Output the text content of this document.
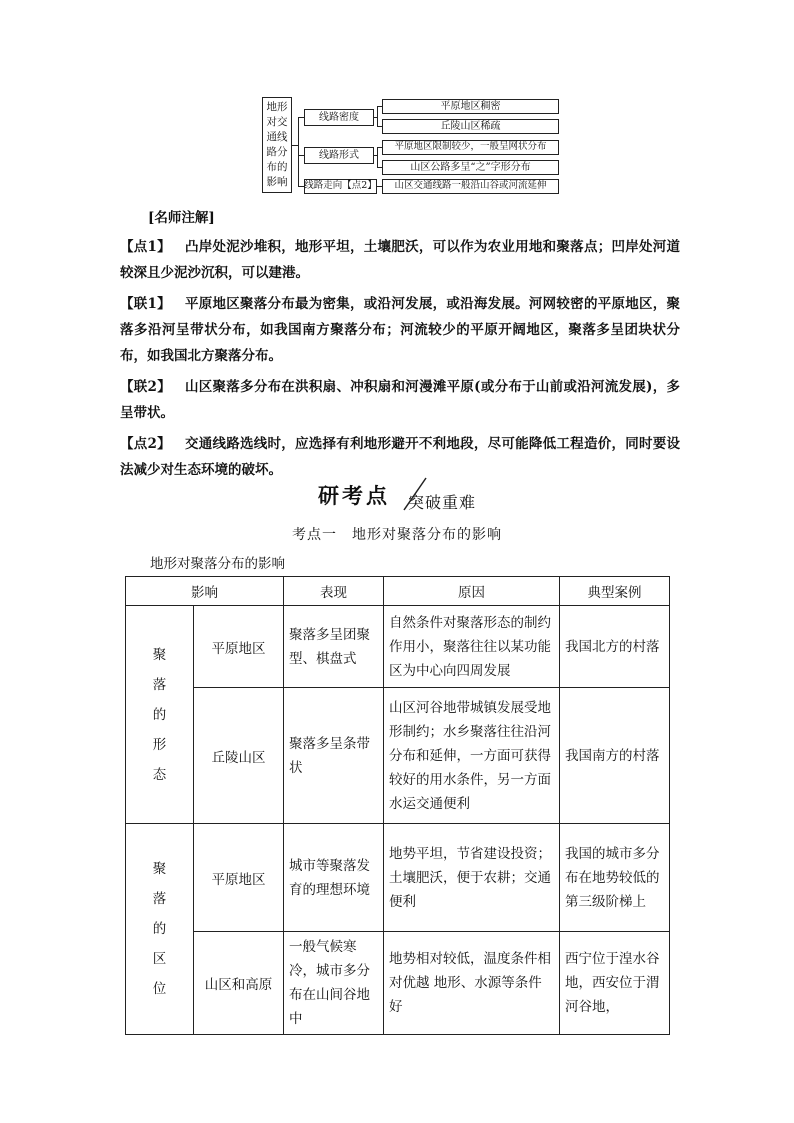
地形对交通线路分布的影响
线路密度
线路形式
线路走向【点2】
平原地区稠密
丘陵山区稀疏
平原地区限制较少，一般呈网状分布
山区公路多呈“之”字形分布
山区交通线路一般沿山谷或河流延伸
[名师注解]

【点1】 凸岸处泥沙堆积，地形平坦，土壤肥沃，可以作为农业用地和聚落点；凹岸处河道较深且少泥沙沉积，可以建港。

【联1】 平原地区聚落分布最为密集，或沿河发展，或沿海发展。河网较密的平原地区，聚落多沿河呈带状分布，如我国南方聚落分布；河流较少的平原开阔地区，聚落多呈团块状分布，如我国北方聚落分布。

【联2】 山区聚落多分布在洪积扇、冲积扇和河漫滩平原(或分布于山前或沿河流发展)，多呈带状。

【点2】 交通线路选线时，应选择有利地形避开不利地段，尽可能降低工程造价，同时要设法减少对生态环境的破坏。

研考点 突破重难
考点一　地形对聚落分布的影响
地形对聚落分布的影响
影响		表现	原因	典型案例

聚
落
的
形
态	平原地区	聚落多呈团聚型、棋盘式	自然条件对聚落形态的制约作用小，聚落往往以某功能区为中心向四周发展	我国北方的村落
	丘陵山区	聚落多呈条带状	山区河谷地带城镇发展受地形制约；水乡聚落往往沿河分布和延伸，一方面可获得较好的用水条件，另一方面水运交通便利	我国南方的村落

聚
落
的
区
位	平原地区	城市等聚落发育的理想环境	地势平坦，节省建设投资；土壤肥沃，便于农耕；交通便利	我国的城市多分布在地势较低的第三级阶梯上
	山区和高原	一般气候寒冷，城市多分布在山间谷地中	地势相对较低，温度条件相对优越 地形、水源等条件好	西宁位于湟水谷地，西安位于渭河谷地，
